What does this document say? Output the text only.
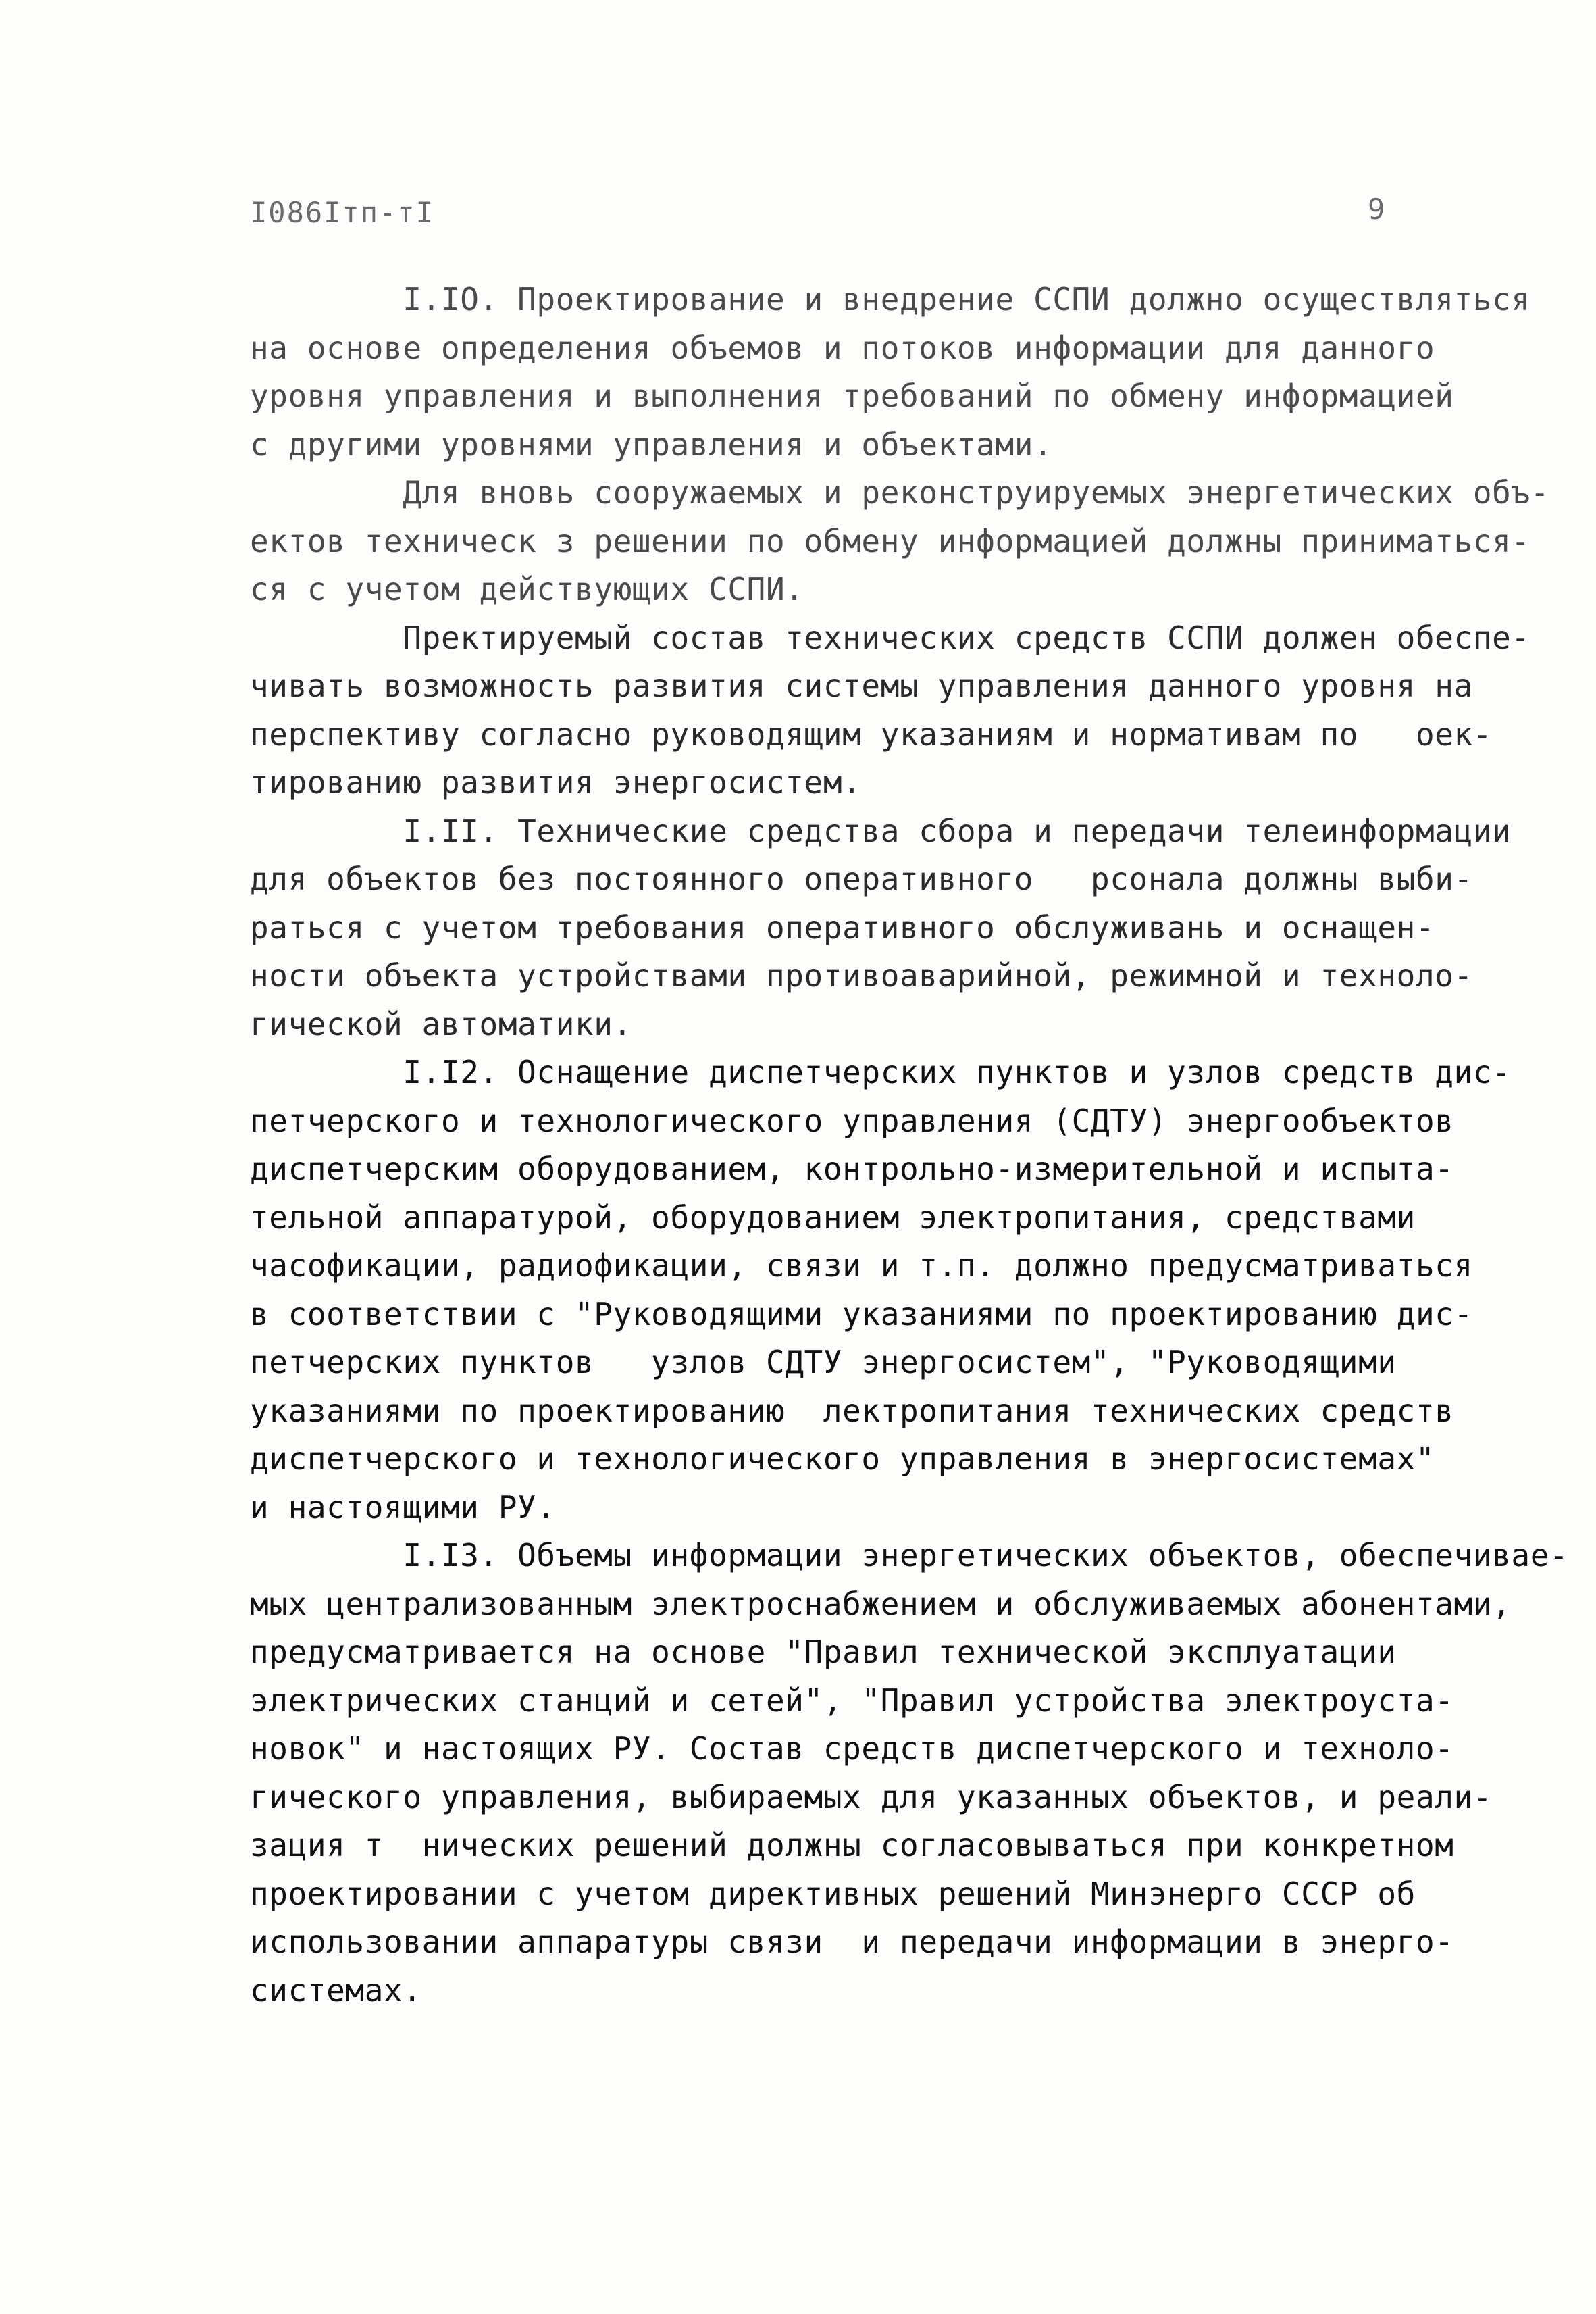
I086Iтп-тI	9
I.IO. Проектирование и внедрение ССПИ должно осуществляться
на основе определения объемов и потоков информации для данного
уровня управления и выполнения требований по обмену информацией
с другими уровнями управления и объектами.
Для вновь сооружаемых и реконструируемых энергетических объ-
ектов техническ з решении по обмену информацией должны приниматься-
ся с учетом действующих ССПИ.
Пректируемый состав технических средств ССПИ должен обеспе-
чивать возможность развития системы управления данного уровня на
перспективу согласно руководящим указаниям и нормативам по   оек-
тированию развития энергосистем.
I.II. Технические средства сбора и передачи телеинформации
для объектов без постоянного оперативного   рсонала должны выби-
раться с учетом требования оперативного обслуживань и оснащен-
ности объекта устройствами противоаварийной, режимной и техноло-
гической автоматики.
I.I2. Оснащение диспетчерских пунктов и узлов средств дис-
петчерского и технологического управления (СДТУ) энергообъектов
диспетчерским оборудованием, контрольно-измерительной и испыта-
тельной аппаратурой, оборудованием электропитания, средствами
часофикации, радиофикации, связи и т.п. должно предусматриваться
в соответствии с "Руководящими указаниями по проектированию дис-
петчерских пунктов   узлов СДТУ энергосистем", "Руководящими
указаниями по проектированию  лектропитания технических средств
диспетчерского и технологического управления в энергосистемах"
и настоящими РУ.
I.I3. Объемы информации энергетических объектов, обеспечивае-
мых централизованным электроснабжением и обслуживаемых абонентами,
предусматривается на основе "Правил технической эксплуатации
электрических станций и сетей", "Правил устройства электроуста-
новок" и настоящих РУ. Состав средств диспетчерского и техноло-
гического управления, выбираемых для указанных объектов, и реали-
зация т  нических решений должны согласовываться при конкретном
проектировании с учетом директивных решений Минэнерго СССР об
использовании аппаратуры связи  и передачи информации в энерго-
системах.
